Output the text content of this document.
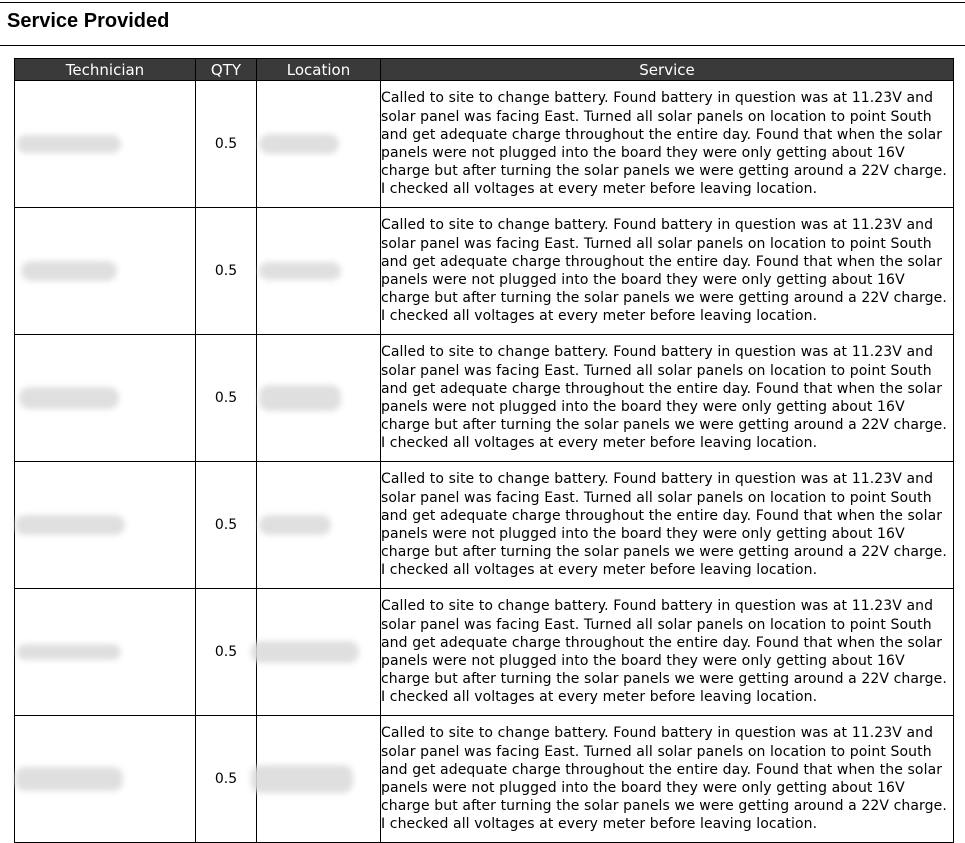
Service Provided
Technician	QTY	Location	Service

	0.5		Called to site to change battery. Found battery in question was at 11.23V and solar panel was facing East. Turned all solar panels on location to point South and get adequate charge throughout the entire day. Found that when the solar panels were not plugged into the board they were only getting about 16V charge but after turning the solar panels we were getting around a 22V charge. I checked all voltages at every meter before leaving location.

	0.5		Called to site to change battery. Found battery in question was at 11.23V and solar panel was facing East. Turned all solar panels on location to point South and get adequate charge throughout the entire day. Found that when the solar panels were not plugged into the board they were only getting about 16V charge but after turning the solar panels we were getting around a 22V charge. I checked all voltages at every meter before leaving location.

	0.5		Called to site to change battery. Found battery in question was at 11.23V and solar panel was facing East. Turned all solar panels on location to point South and get adequate charge throughout the entire day. Found that when the solar panels were not plugged into the board they were only getting about 16V charge but after turning the solar panels we were getting around a 22V charge. I checked all voltages at every meter before leaving location.

	0.5		Called to site to change battery. Found battery in question was at 11.23V and solar panel was facing East. Turned all solar panels on location to point South and get adequate charge throughout the entire day. Found that when the solar panels were not plugged into the board they were only getting about 16V charge but after turning the solar panels we were getting around a 22V charge. I checked all voltages at every meter before leaving location.

	0.5		Called to site to change battery. Found battery in question was at 11.23V and solar panel was facing East. Turned all solar panels on location to point South and get adequate charge throughout the entire day. Found that when the solar panels were not plugged into the board they were only getting about 16V charge but after turning the solar panels we were getting around a 22V charge. I checked all voltages at every meter before leaving location.

	0.5		Called to site to change battery. Found battery in question was at 11.23V and solar panel was facing East. Turned all solar panels on location to point South and get adequate charge throughout the entire day. Found that when the solar panels were not plugged into the board they were only getting about 16V charge but after turning the solar panels we were getting around a 22V charge. I checked all voltages at every meter before leaving location.
